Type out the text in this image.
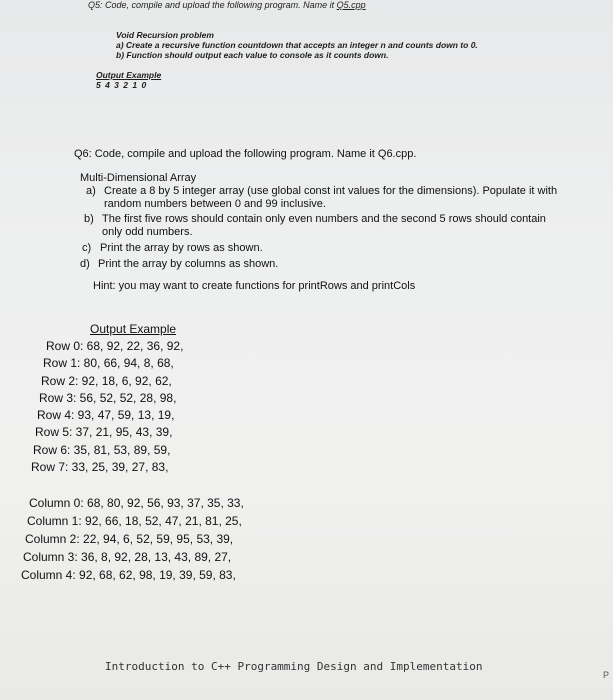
Q5: Code, compile and upload the following program. Name it Q5.cpp
Void Recursion problem
a) Create a recursive function countdown that accepts an integer n and counts down to 0.
b) Function should output each value to console as it counts down.
Output Example
5 4 3 2 1 0
Q6: Code, compile and upload the following program. Name it Q6.cpp.
Multi-Dimensional Array
a) Create a 8 by 5 integer array (use global const int values for the dimensions). Populate it with
random numbers between 0 and 99 inclusive.
b) The first five rows should contain only even numbers and the second 5 rows should contain
only odd numbers.
c) Print the array by rows as shown.
d) Print the array by columns as shown.
Hint: you may want to create functions for printRows and printCols
Output Example
Row 0: 68, 92, 22, 36, 92,
Row 1: 80, 66, 94, 8, 68,
Row 2: 92, 18, 6, 92, 62,
Row 3: 56, 52, 52, 28, 98,
Row 4: 93, 47, 59, 13, 19,
Row 5: 37, 21, 95, 43, 39,
Row 6: 35, 81, 53, 89, 59,
Row 7: 33, 25, 39, 27, 83,
Column 0: 68, 80, 92, 56, 93, 37, 35, 33,
Column 1: 92, 66, 18, 52, 47, 21, 81, 25,
Column 2: 22, 94, 6, 52, 59, 95, 53, 39,
Column 3: 36, 8, 92, 28, 13, 43, 89, 27,
Column 4: 92, 68, 62, 98, 19, 39, 59, 83,
Introduction to C++ Programming Design and Implementation
P
